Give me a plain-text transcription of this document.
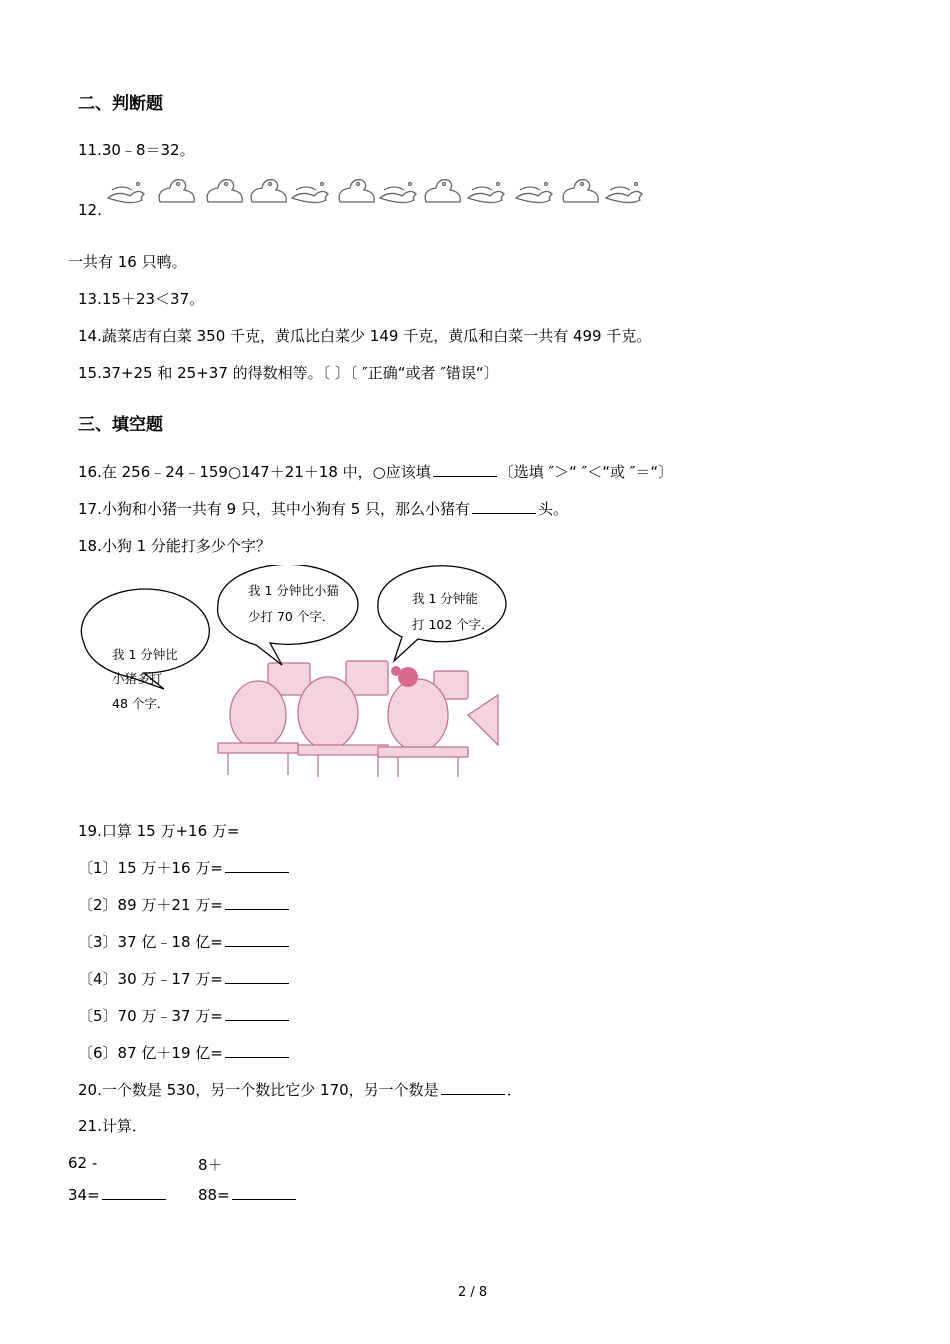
二、判断题
11.30﹣8＝32。
12.
一共有 16 只鸭。
13.15＋23＜37。
14.蔬菜店有白菜 350 千克，黄瓜比白菜少 149 千克，黄瓜和白菜一共有 499 千克。
15.37+25 和 25+37 的得数相等。〔 〕〔 ″正确“或者 ″错误“〕
三、填空题
16.在 256﹣24﹣159○147＋21＋18 中，○应该填	〔选填 ″＞“ ″＜“或 ″＝“〕
17.小狗和小猪一共有 9 只，其中小狗有 5 只，那么小猪有	头。
18.小狗 1 分能打多少个字？
我 1 分钟比
小猪多打
48 个字．
我 1 分钟比小猫
少打 70 个字．
我 1 分钟能
打 102 个字．
19.口算 15 万+16 万=
〔1〕15 万＋16 万=
〔2〕89 万＋21 万=
〔3〕37 亿﹣18 亿=
〔4〕30 万﹣17 万=
〔5〕70 万﹣37 万=
〔6〕87 亿＋19 亿=
20.一个数是 530，另一个数比它少 170，另一个数是	．
21.计算．
62 -
34=
8＋
88=
2 / 8
